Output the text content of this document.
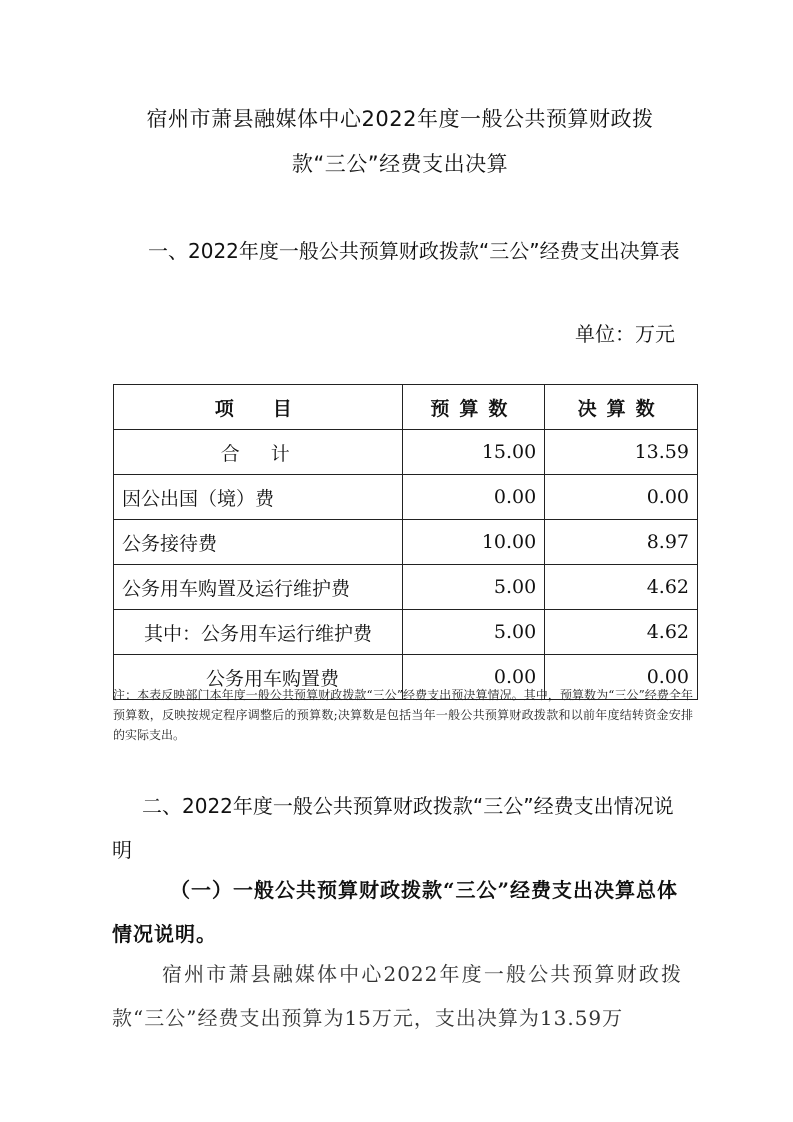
宿州市萧县融媒体中心2022年度一般公共预算财政拨
款“三公”经费支出决算
一、2022年度一般公共预算财政拨款“三公”经费支出决算表
单位：万元
项　目	预算数	决算数
合　计	15.00	13.59
因公出国（境）费	0.00	0.00
公务接待费	10.00	8.97
公务用车购置及运行维护费	5.00	4.62
其中：公务用车运行维护费	5.00	4.62
公务用车购置费	0.00	0.00
注：本表反映部门本年度一般公共预算财政拨款“三公”经费支出预决算情况。其中，预算数为“三公”经费全年预算数，反映按规定程序调整后的预算数;决算数是包括当年一般公共预算财政拨款和以前年度结转资金安排的实际支出。
二、2022年度一般公共预算财政拨款“三公”经费支出情况说明
（一）一般公共预算财政拨款“三公”经费支出决算总体情况说明。
宿州市萧县融媒体中心2022年度一般公共预算财政拨款“三公”经费支出预算为15万元，支出决算为13.59万
